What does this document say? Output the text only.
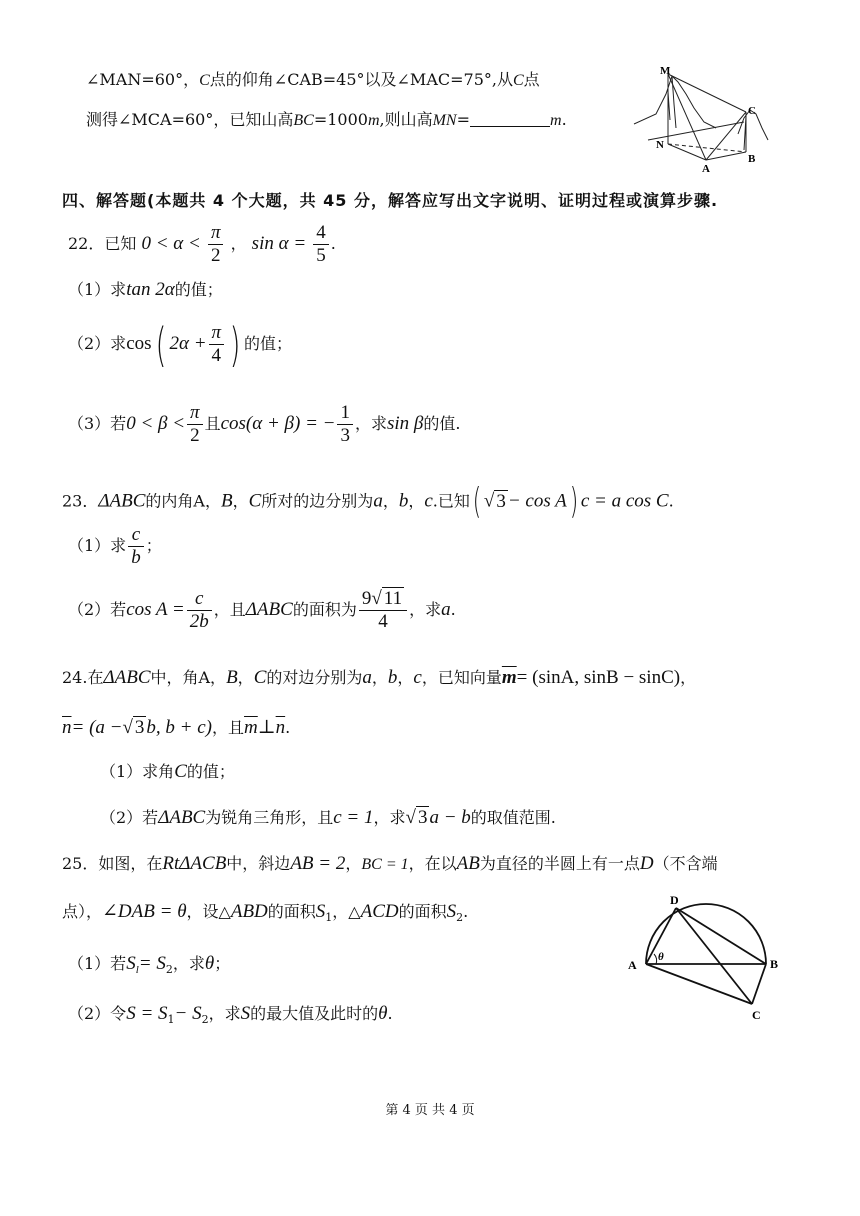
∠MAN=60°，C点的仰角∠CAB=45°以及∠MAC=75°,从C点
测得∠MCA=60°，已知山高BC=1000m,则山高MN=	m.
M
C
N
A
B
四、解答题(本题共 4 个大题，共 45 分，解答应写出文字说明、证明过程或演算步骤.
22．已知 $0 < \alpha < \frac{\pi}{2}$ ， $\sin \alpha = \frac{4}{5}$ .
（1）求tan 2α的值；
（2）求cos( $2\alpha + \frac{\pi}{4}$ ) 的值；
（3）若$0 < \beta < \frac{\pi}{2}$ 且cos(α + β) = − $\frac{1}{3}$ ，求sin β的值.
23．ΔABC的内角A，B，C所对的边分别为a，b，c.已知( √ 3 − cos A) c = a cos C.
（1）求 $\frac{c}{b}$ ；
（2）若$\cos A = \frac{c}{2b}$ ，且ΔABC的面积为 $\frac{9√ 11}{4}$ ，求a.
24.在ΔABC中，角A，B，C的对边分别为a，b，c，已知向量$\overline{m}= (\sin A$, sinB − sinC)，
$\overline{n}= (a$ −√ 3 b, b + c)，且$\overline{m}\perp\overline{n}$.
（1）求角C的值；
（2）若ΔABC为锐角三角形，且c = 1，求√ 3 a − b的取值范围.
25．如图，在RtΔACB中，斜边AB = 2，BC = 1，在以AB为直径的半圆上有一点D（不含端
点），∠DAB = θ，设△ABD的面积$S_1$，△ACD的面积$S_2$.
（1）若$S_l= S_2$，求θ；
（2）令$S = S_1- S_2$，求S的最大值及此时的θ.
D
A
θ	B
C
第 4 页 共 4 页
